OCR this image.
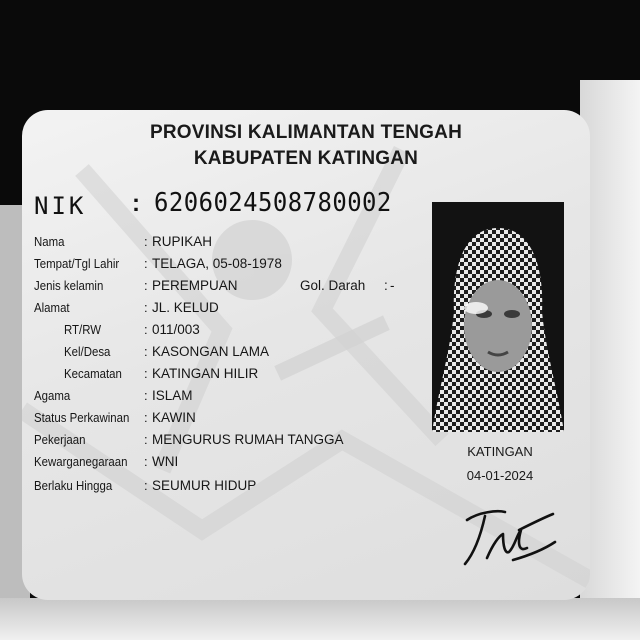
PROVINSI KALIMANTAN TENGAH
KABUPATEN KATINGAN
NIK : 6206024508780002
Nama	: RUPIKAH
Tempat/Tgl Lahir : TELAGA, 05-08-1978
Jenis kelamin	: PEREMPUAN	Gol. Darah : -
Alamat	: JL. KELUD
RT/RW	: 011/003
Kel/Desa	: KASONGAN LAMA
Kecamatan : KATINGAN HILIR
Agama	: ISLAM
Status Perkawinan : KAWIN
Pekerjaan	: MENGURUS RUMAH TANGGA
Kewarganegaraan : WNI
Berlaku Hingga : SEUMUR HIDUP
KATINGAN
04-01-2024
